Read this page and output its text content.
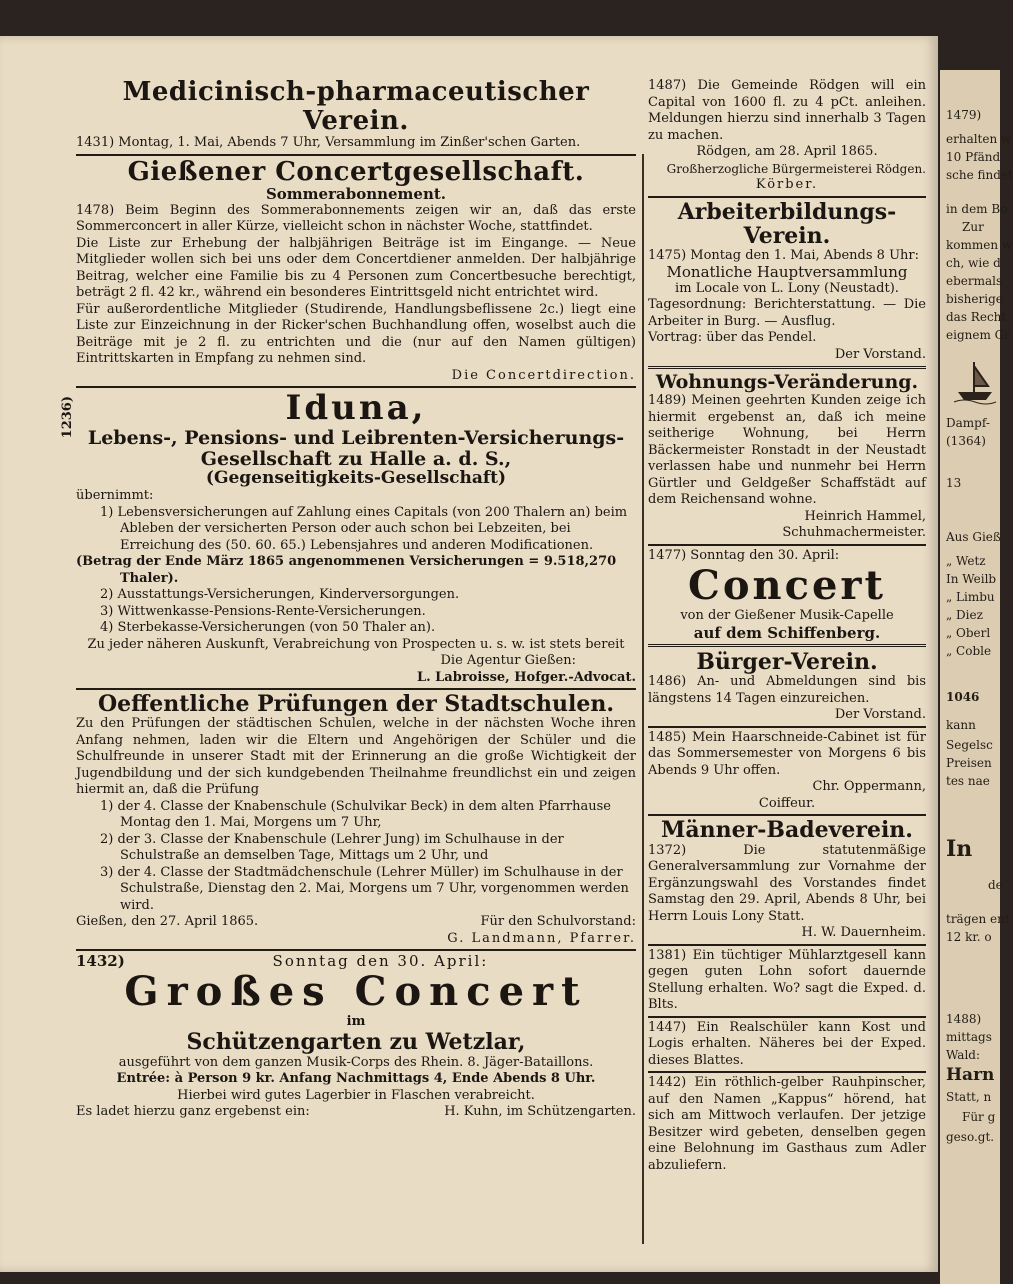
Medicinisch-pharmaceutischer Verein.

1431) Montag, 1. Mai, Abends 7 Uhr, Versammlung im Zinßer'schen Garten.

Gießener Concertgesellschaft.
Sommerabonnement.

1478) Beim Beginn des Sommerabonnements zeigen wir an, daß das erste Sommerconcert in aller Kürze, vielleicht schon in nächster Woche, stattfindet.

Die Liste zur Erhebung der halbjährigen Beiträge ist im Eingange. — Neue Mitglieder wollen sich bei uns oder dem Concertdiener anmelden. Der halbjährige Beitrag, welcher eine Familie bis zu 4 Personen zum Concertbesuche berechtigt, beträgt 2 fl. 42 kr., während ein besonderes Eintrittsgeld nicht entrichtet wird.

Für außerordentliche Mitglieder (Studirende, Handlungsbeflissene 2c.) liegt eine Liste zur Einzeichnung in der Ricker'schen Buchhandlung offen, woselbst auch die Beiträge mit je 2 fl. zu entrichten und die (nur auf den Namen gültigen) Eintrittskarten in Empfang zu nehmen sind.

Die Concertdirection.
1236)	Iduna,
Lebens-, Pensions- und Leibrenten-Versicherungs-
Gesellschaft zu Halle a. d. S.,
(Gegenseitigkeits-Gesellschaft)
übernimmt:

1) Lebensversicherungen auf Zahlung eines Capitals (von 200 Thalern an) beim Ableben der versicherten Person oder auch schon bei Lebzeiten, bei Erreichung des (50. 60. 65.) Lebensjahres und anderen Modificationen.

(Betrag der Ende März 1865 angenommenen Versicherungen = 9.518,270 Thaler).

2) Ausstattungs-Versicherungen, Kinderversorgungen.

3) Wittwenkasse-Pensions-Rente-Versicherungen.

4) Sterbekasse-Versicherungen (von 50 Thaler an).

Zu jeder näheren Auskunft, Verabreichung von Prospecten u. s. w. ist stets bereit
Die Agentur Gießen:
L. Labroisse, Hofger.-Advocat.
Oeffentliche Prüfungen der Stadtschulen.

Zu den Prüfungen der städtischen Schulen, welche in der nächsten Woche ihren Anfang nehmen, laden wir die Eltern und Angehörigen der Schüler und die Schulfreunde in unserer Stadt mit der Erinnerung an die große Wichtigkeit der Jugendbildung und der sich kundgebenden Theilnahme freundlichst ein und zeigen hiermit an, daß die Prüfung

1) der 4. Classe der Knabenschule (Schulvikar Beck) in dem alten Pfarrhause Montag den 1. Mai, Morgens um 7 Uhr,

2) der 3. Classe der Knabenschule (Lehrer Jung) im Schulhause in der Schulstraße an demselben Tage, Mittags um 2 Uhr, und

3) der 4. Classe der Stadtmädchenschule (Lehrer Müller) im Schulhause in der Schulstraße, Dienstag den 2. Mai, Morgens um 7 Uhr, vorgenommen werden wird.

Gießen, den 27. April 1865.	Für den Schulvorstand:
G. Landmann, Pfarrer.
1432)	Sonntag den 30. April:
Großes Concert
im
Schützengarten zu Wetzlar,
ausgeführt von dem ganzen Musik-Corps des Rhein. 8. Jäger-Bataillons.
Entrée: à Person 9 kr. Anfang Nachmittags 4, Ende Abends 8 Uhr.
Hierbei wird gutes Lagerbier in Flaschen verabreicht.
Es ladet hierzu ganz ergebenst ein:	H. Kuhn, im Schützengarten.

1487) Die Gemeinde Rödgen will ein Capital von 1600 fl. zu 4 pCt. anleihen. Meldungen hierzu sind innerhalb 3 Tagen zu machen.

Rödgen, am 28. April 1865.
Großherzogliche Bürgermeisterei Rödgen.
Körber.
Arbeiterbildungs-Verein.

1475) Montag den 1. Mai, Abends 8 Uhr:

Monatliche Hauptversammlung
im Locale von L. Lony (Neustadt).

Tagesordnung: Berichterstattung. — Die Arbeiter in Burg. — Ausflug.

Vortrag: über das Pendel.

Der Vorstand.
Wohnungs-Veränderung.

1489) Meinen geehrten Kunden zeige ich hiermit ergebenst an, daß ich meine seitherige Wohnung, bei Herrn Bäckermeister Ronstadt in der Neustadt verlassen habe und nunmehr bei Herrn Gürtler und Geldgeßer Schaffstädt auf dem Reichensand wohne.

Heinrich Hammel,
Schuhmachermeister.
1477) Sonntag den 30. April:
Concert
von der Gießener Musik-Capelle
auf dem Schiffenberg.
Bürger-Verein.

1486) An- und Abmeldungen sind bis längstens 14 Tagen einzureichen.

Der Vorstand.

1485) Mein Haarschneide-Cabinet ist für das Sommersemester von Morgens 6 bis Abends 9 Uhr offen.

Chr. Oppermann,
Coiffeur.
Männer-Badeverein.

1372) Die statutenmäßige Generalversammlung zur Vornahme der Ergänzungswahl des Vorstandes findet Samstag den 29. April, Abends 8 Uhr, bei Herrn Louis Lony Statt.

H. W. Dauernheim.

1381) Ein tüchtiger Mühlarztgesell kann gegen guten Lohn sofort dauernde Stellung erhalten. Wo? sagt die Exped. d. Blts.

1447) Ein Realschüler kann Kost und Logis erhalten. Näheres bei der Exped. dieses Blattes.

1442) Ein röthlich-gelber Rauhpinscher, auf den Namen „Kappus“ hörend, hat sich am Mittwoch verlaufen. Der jetzige Besitzer wird gebeten, denselben gegen eine Belohnung im Gasthaus zum Adler abzuliefern.

1479)
erhalten w
10 Pfänd
sche findet
in dem Bo
Zur
kommen w
ch, wie d
ebermals
bisherige
das Recht
eignem Gr
Dampf-
(1364)
13
Aus Gieß
„ Wetz
In Weilb
„ Limbu
„ Diez
„ Oberl
„ Coble
1046
kann
Segelsc
Preisen
tes nae
In
de
trägen ent
12 kr. o
1488)
mittags
Wald:
Harn
Statt, n
Für g
geso.gt.
